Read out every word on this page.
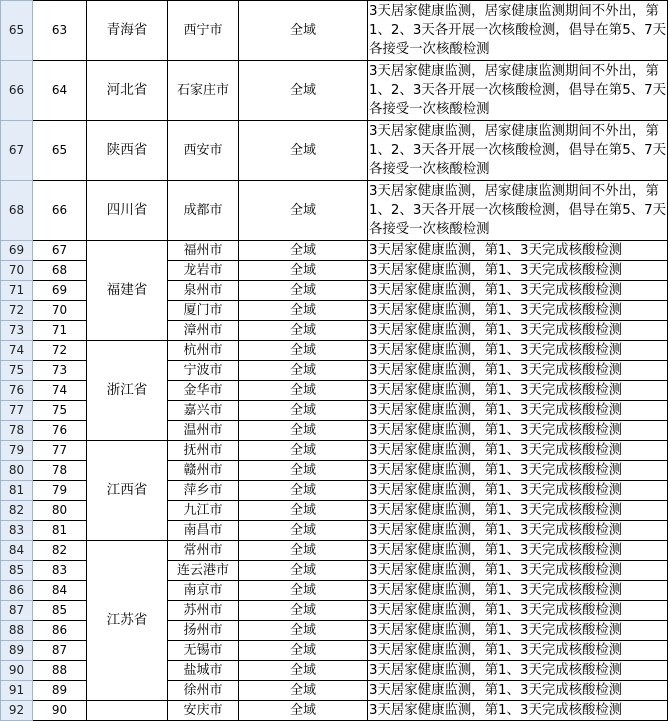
65	63	青海省	西宁市	全域	3天居家健康监测，居家健康监测期间不外出，第1、2、3天各开展一次核酸检测，倡导在第5、7天各接受一次核酸检测
66	64	河北省	石家庄市	全域	3天居家健康监测，居家健康监测期间不外出，第1、2、3天各开展一次核酸检测，倡导在第5、7天各接受一次核酸检测
67	65	陕西省	西安市	全域	3天居家健康监测，居家健康监测期间不外出，第1、2、3天各开展一次核酸检测，倡导在第5、7天各接受一次核酸检测
68	66	四川省	成都市	全域	3天居家健康监测，居家健康监测期间不外出，第1、2、3天各开展一次核酸检测，倡导在第5、7天各接受一次核酸检测
69	67	福建省	福州市	全域	3天居家健康监测，第1、3天完成核酸检测
70	68		龙岩市	全域	3天居家健康监测，第1、3天完成核酸检测
71	69		泉州市	全域	3天居家健康监测，第1、3天完成核酸检测
72	70		厦门市	全域	3天居家健康监测，第1、3天完成核酸检测
73	71		漳州市	全域	3天居家健康监测，第1、3天完成核酸检测
74	72	浙江省	杭州市	全域	3天居家健康监测，第1、3天完成核酸检测
75	73		宁波市	全域	3天居家健康监测，第1、3天完成核酸检测
76	74		金华市	全域	3天居家健康监测，第1、3天完成核酸检测
77	75		嘉兴市	全域	3天居家健康监测，第1、3天完成核酸检测
78	76		温州市	全域	3天居家健康监测，第1、3天完成核酸检测
79	77	江西省	抚州市	全域	3天居家健康监测，第1、3天完成核酸检测
80	78		赣州市	全域	3天居家健康监测，第1、3天完成核酸检测
81	79		萍乡市	全域	3天居家健康监测，第1、3天完成核酸检测
82	80		九江市	全域	3天居家健康监测，第1、3天完成核酸检测
83	81		南昌市	全域	3天居家健康监测，第1、3天完成核酸检测
84	82	江苏省	常州市	全域	3天居家健康监测，第1、3天完成核酸检测
85	83		连云港市	全域	3天居家健康监测，第1、3天完成核酸检测
86	84		南京市	全域	3天居家健康监测，第1、3天完成核酸检测
87	85		苏州市	全域	3天居家健康监测，第1、3天完成核酸检测
88	86		扬州市	全域	3天居家健康监测，第1、3天完成核酸检测
89	87		无锡市	全域	3天居家健康监测，第1、3天完成核酸检测
90	88		盐城市	全域	3天居家健康监测，第1、3天完成核酸检测
91	89		徐州市	全域	3天居家健康监测，第1、3天完成核酸检测
92	90		安庆市	全域	3天居家健康监测，第1、3天完成核酸检测
